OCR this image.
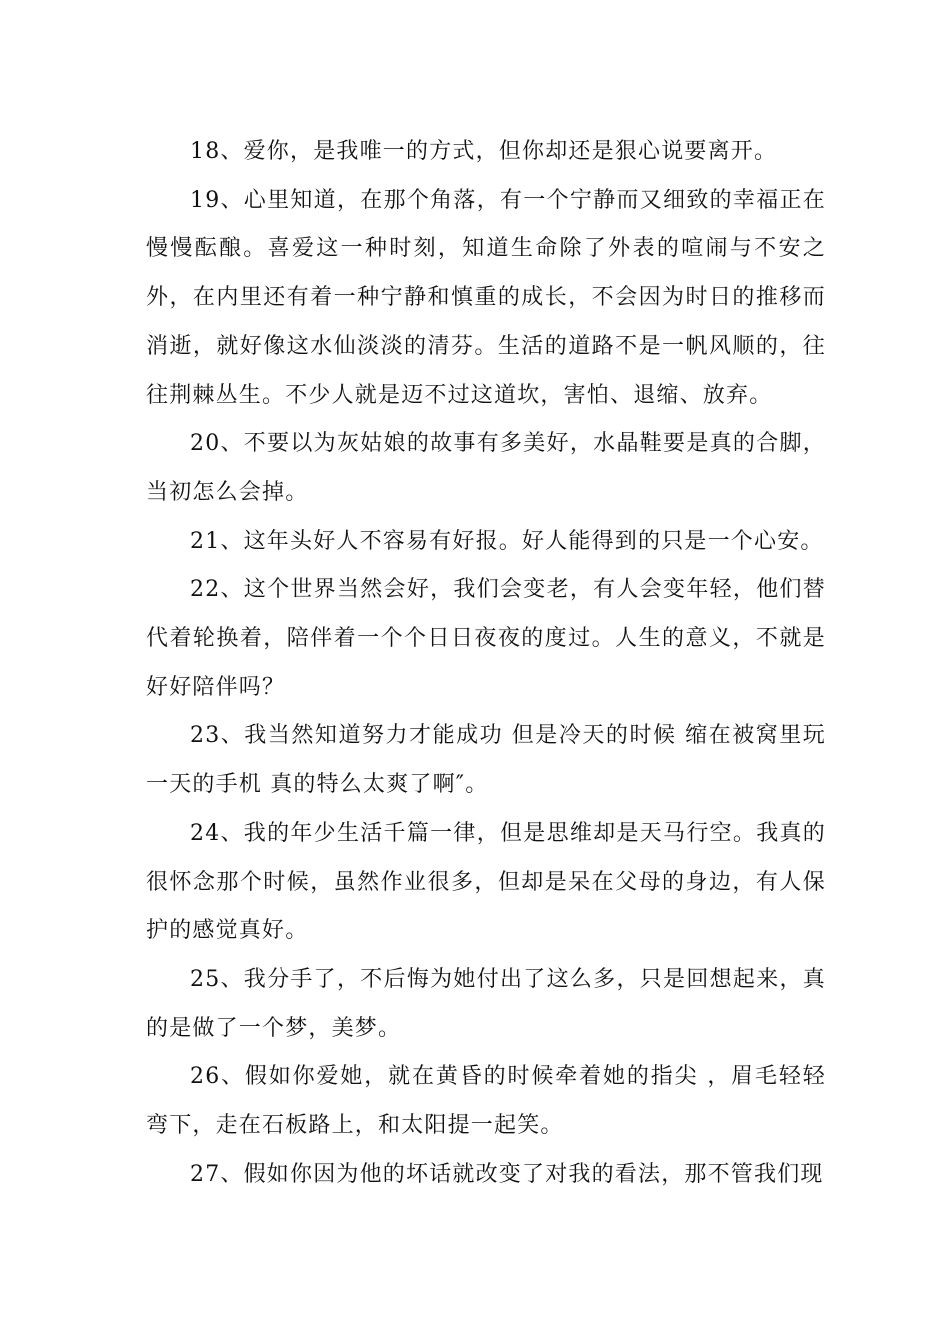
18、爱你，是我唯一的方式，但你却还是狠心说要离开。

19、心里知道，在那个角落，有一个宁静而又细致的幸福正在慢慢酝酿。喜爱这一种时刻，知道生命除了外表的喧闹与不安之外，在内里还有着一种宁静和慎重的成长，不会因为时日的推移而消逝，就好像这水仙淡淡的清芬。生活的道路不是一帆风顺的，往往荆棘丛生。不少人就是迈不过这道坎，害怕、退缩、放弃。

20、不要以为灰姑娘的故事有多美好，水晶鞋要是真的合脚，当初怎么会掉。

21、这年头好人不容易有好报。好人能得到的只是一个心安。

22、这个世界当然会好，我们会变老，有人会变年轻，他们替代着轮换着，陪伴着一个个日日夜夜的度过。人生的意义，不就是好好陪伴吗？

23、我当然知道努力才能成功 但是冷天的时候 缩在被窝里玩一天的手机 真的特么太爽了啊″。

24、我的年少生活千篇一律，但是思维却是天马行空。我真的很怀念那个时候，虽然作业很多，但却是呆在父母的身边，有人保护的感觉真好。

25、我分手了，不后悔为她付出了这么多，只是回想起来，真的是做了一个梦，美梦。

26、假如你爱她，就在黄昏的时候牵着她的指尖 ，眉毛轻轻弯下，走在石板路上，和太阳提一起笑。

27、假如你因为他的坏话就改变了对我的看法，那不管我们现
